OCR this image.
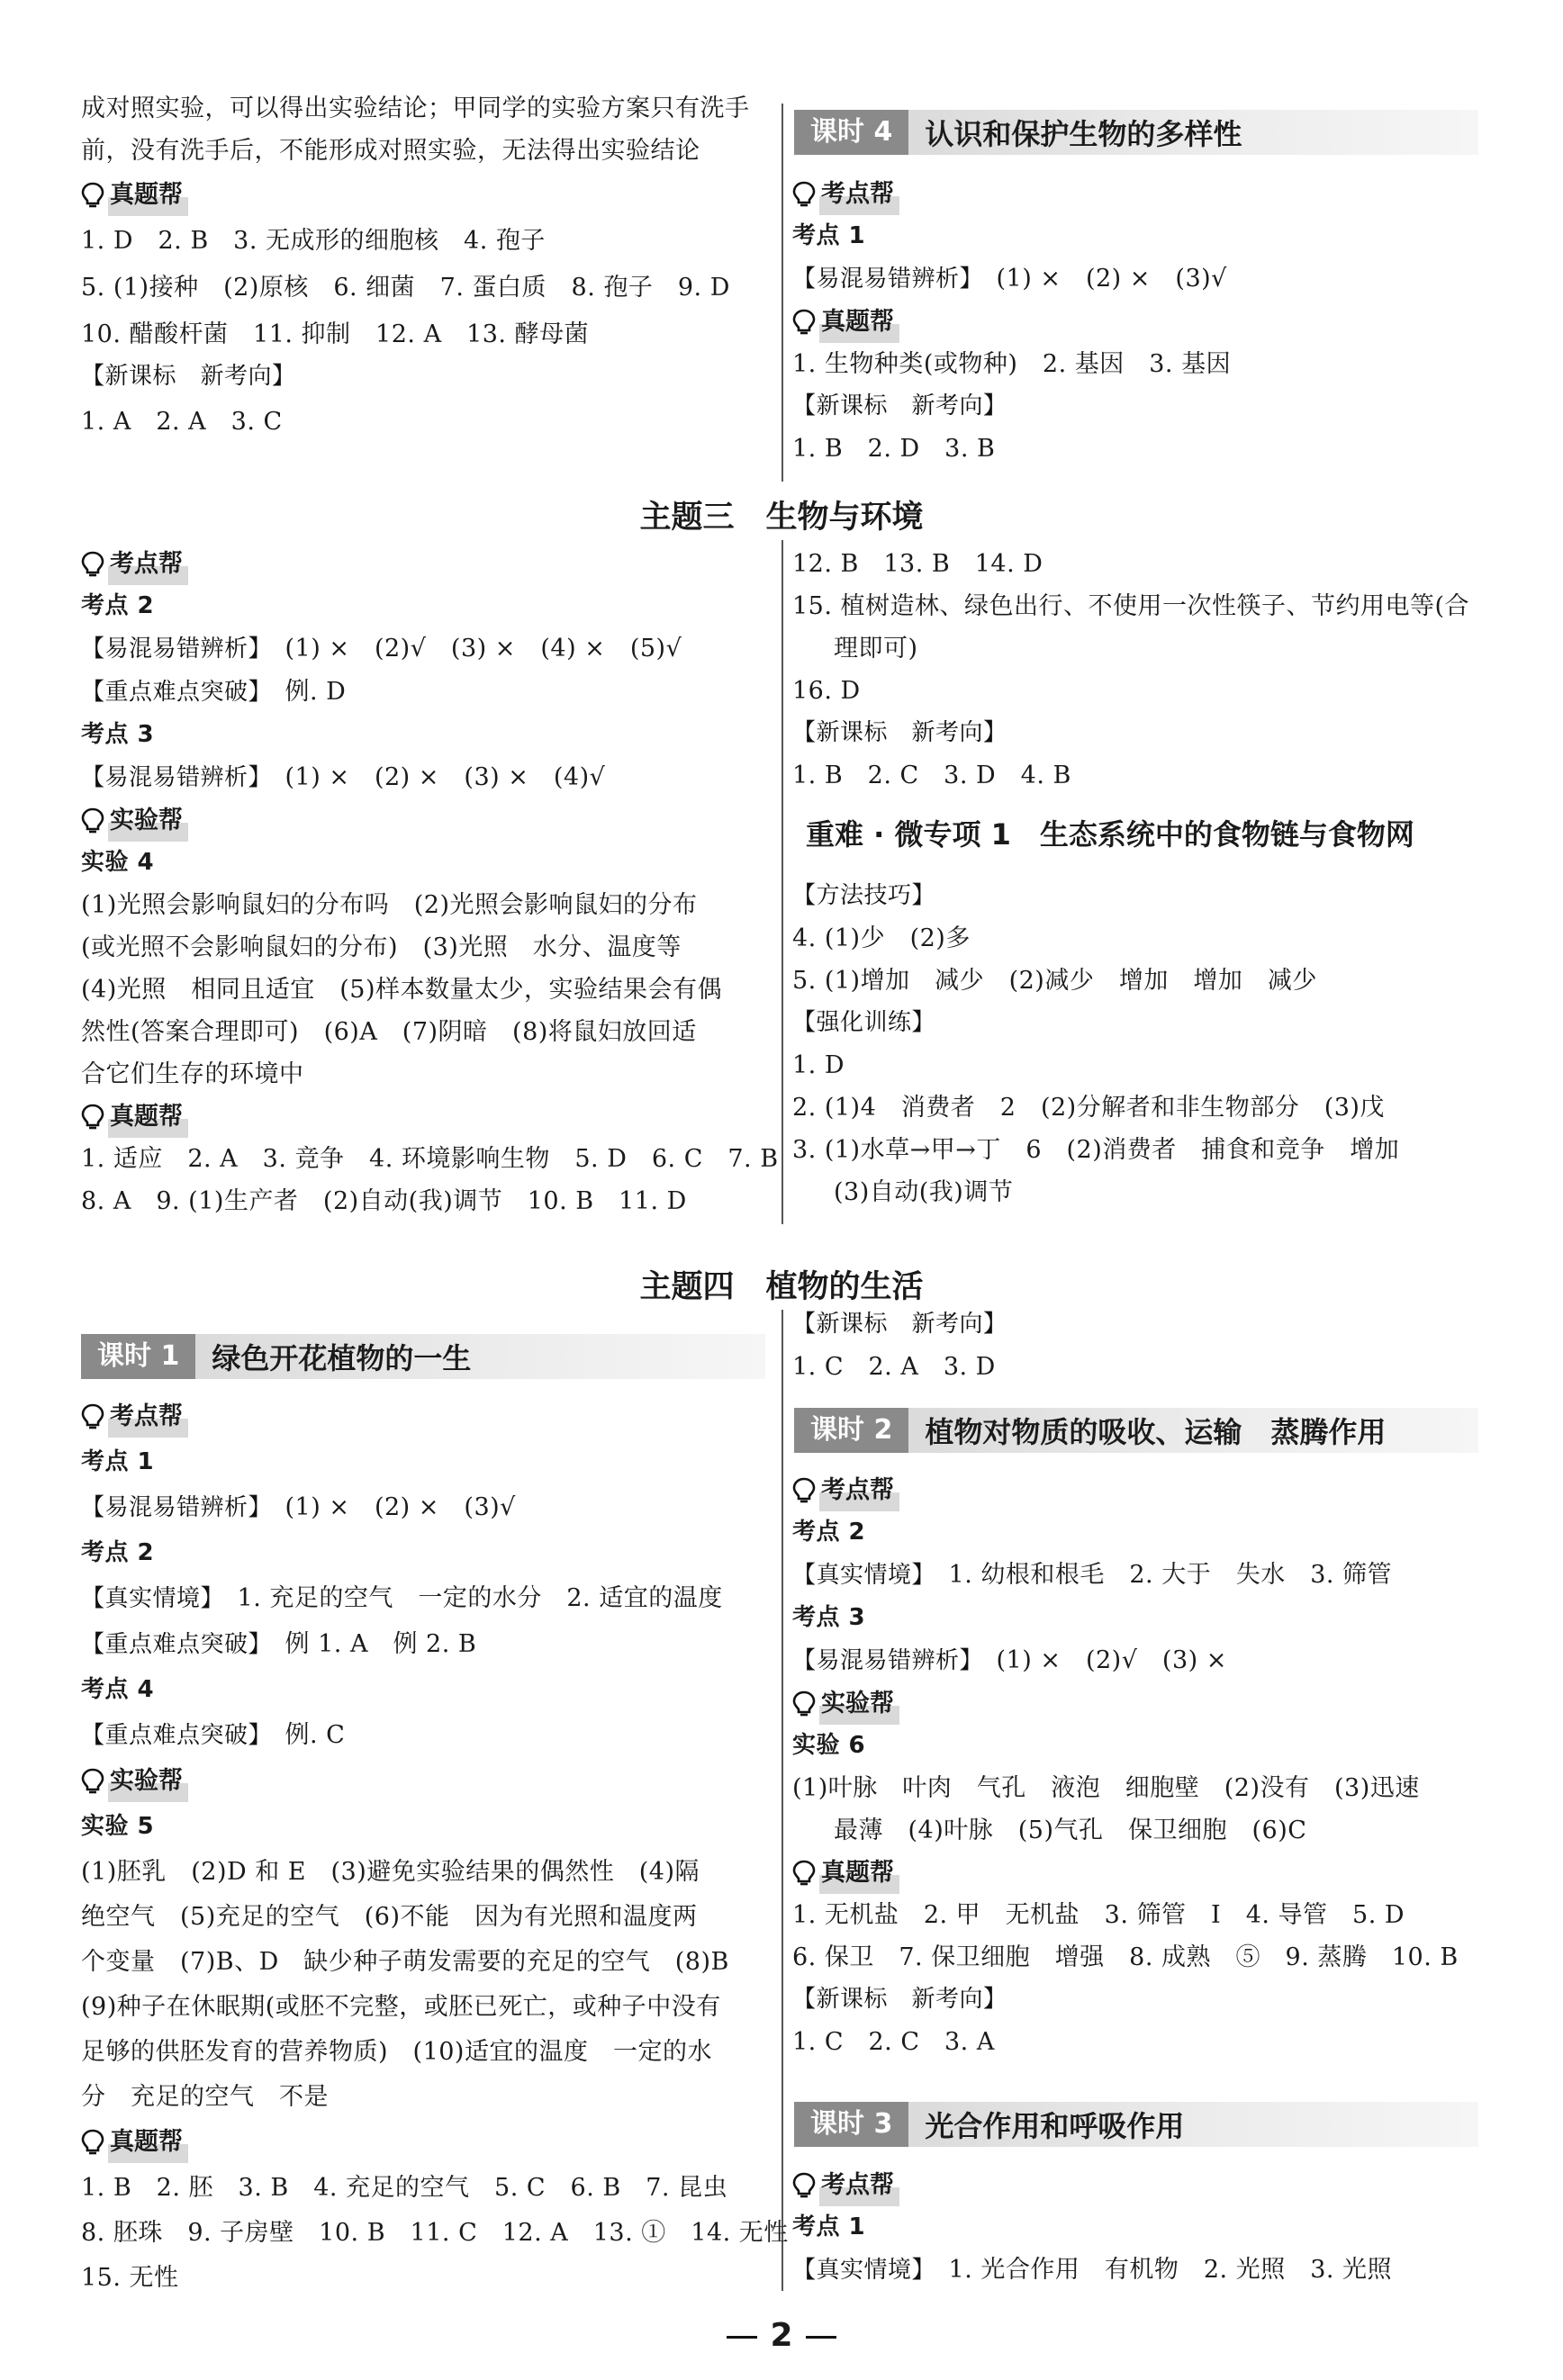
成对照实验，可以得出实验结论；甲同学的实验方案只有洗手
前，没有洗手后，不能形成对照实验，无法得出实验结论
真题帮
1. D　2. B　3. 无成形的细胞核　4. 孢子
5. (1)接种　(2)原核　6. 细菌　7. 蛋白质　8. 孢子　9. D
10. 醋酸杆菌　11. 抑制　12. A　13. 酵母菌
【新课标　新考向】
1. A　2. A　3. C
课时 4	认识和保护生物的多样性
考点帮
考点 1
【易混易错辨析】　 (1) ×　(2) ×　(3)√
真题帮
1. 生物种类(或物种)　2. 基因　3. 基因
【新课标　新考向】
1. B　2. D　3. B
主题三　生物与环境
考点帮
考点 2
【易混易错辨析】　 (1) ×　(2)√　(3) ×　(4) ×　(5)√
【重点难点突破】　 例. D
考点 3
【易混易错辨析】　 (1) ×　(2) ×　(3) ×　(4)√
实验帮
实验 4
(1)光照会影响鼠妇的分布吗　(2)光照会影响鼠妇的分布
(或光照不会影响鼠妇的分布)　(3)光照　水分、温度等
(4)光照　相同且适宜　(5)样本数量太少，实验结果会有偶
然性(答案合理即可)　(6)A　(7)阴暗　(8)将鼠妇放回适
合它们生存的环境中
真题帮
1. 适应　2. A　3. 竞争　4. 环境影响生物　5. D　6. C　7. B
8. A　9. (1)生产者　(2)自动(我)调节　10. B　11. D
12. B　13. B　14. D
15. 植树造林、绿色出行、不使用一次性筷子、节约用电等(合
理即可)
16. D
【新课标　新考向】
1. B　2. C　3. D　4. B
重难 · 微专项 1　生态系统中的食物链与食物网
【方法技巧】
4. (1)少　(2)多
5. (1)增加　减少　(2)减少　增加　增加　减少
【强化训练】
1. D
2. (1)4　消费者　2　(2)分解者和非生物部分　(3)戊
3. (1)水草→甲→丁　6　(2)消费者　捕食和竞争　增加
(3)自动(我)调节
主题四　植物的生活
课时 1	绿色开花植物的一生
考点帮
考点 1
【易混易错辨析】　 (1) ×　(2) ×　(3)√
考点 2
【真实情境】　 1. 充足的空气　一定的水分　2. 适宜的温度
【重点难点突破】　 例 1. A　例 2. B
考点 4
【重点难点突破】　 例. C
实验帮
实验 5
(1)胚乳　(2)D 和 E　(3)避免实验结果的偶然性　(4)隔
绝空气　(5)充足的空气　(6)不能　因为有光照和温度两
个变量　(7)B、D　缺少种子萌发需要的充足的空气　(8)B
(9)种子在休眠期(或胚不完整，或胚已死亡，或种子中没有
足够的供胚发育的营养物质)　(10)适宜的温度　一定的水
分　充足的空气　不是
真题帮
1. B　2. 胚　3. B　4. 充足的空气　5. C　6. B　7. 昆虫
8. 胚珠　9. 子房壁　10. B　11. C　12. A　13. ①　14. 无性
15. 无性
【新课标　新考向】
1. C　2. A　3. D
课时 2	植物对物质的吸收、运输　蒸腾作用
考点帮
考点 2
【真实情境】　 1. 幼根和根毛　2. 大于　失水　3. 筛管
考点 3
【易混易错辨析】　 (1) ×　(2)√　(3) ×
实验帮
实验 6
(1)叶脉　叶肉　气孔　液泡　细胞壁　(2)没有　(3)迅速
最薄　(4)叶脉　(5)气孔　保卫细胞　(6)C
真题帮
1. 无机盐　2. 甲　无机盐　3. 筛管　Ⅰ　4. 导管　5. D
6. 保卫　7. 保卫细胞　增强　8. 成熟　⑤　9. 蒸腾　10. B
【新课标　新考向】
1. C　2. C　3. A
课时 3	光合作用和呼吸作用
考点帮
考点 1
【真实情境】　 1. 光合作用　有机物　2. 光照　3. 光照
2
